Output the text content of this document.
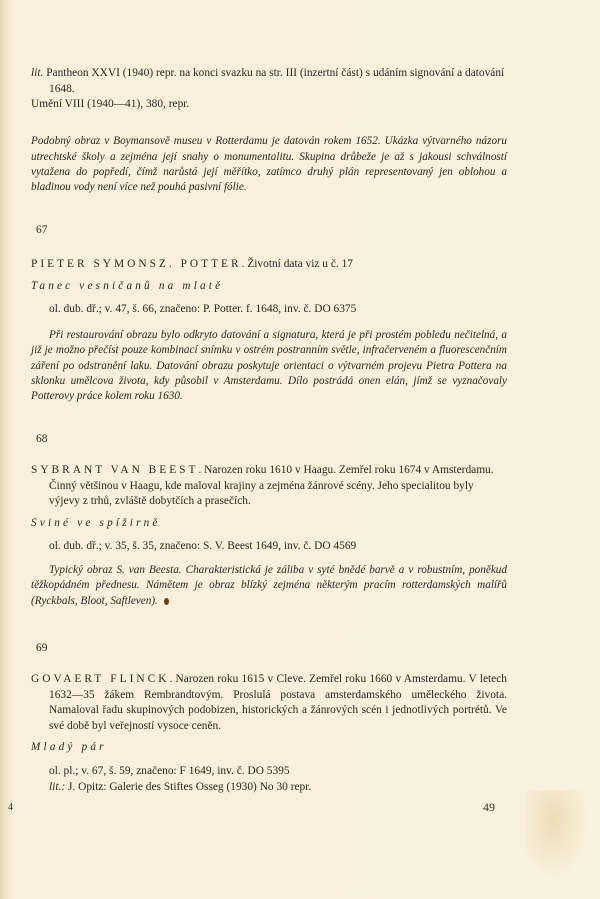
lit. Pantheon XXVI (1940) repr. na konci svazku na str. III (inzertní část) s udáním signování a datování 1648.

Umění VIII (1940—41), 380, repr.

Podobný obraz v Boymansově museu v Rotterdamu je datován rokem 1652. Ukázka výtvarného názoru utrechtské školy a zejména její snahy o monumentalitu. Skupina drůbeže je až s jakousi schválností vytažena do popředí, čímž narůstá její měřítko, zatímco druhý plán representovaný jen oblohou a bladinou vody není více než pouhá pasivní fólie.

67

PIETER SYMONSZ. POTTER. Životní data viz u č. 17

Tanec vesničanů na mlatě

ol. dub. dř.; v. 47, š. 66, značeno: P. Potter. f. 1648, inv. č. DO 6375

Při restaurování obrazu bylo odkryto datování a signatura, která je při prostém pobledu nečitelná, a již je možno přečíst pouze kombinací snímku v ostrém postranním světle, infračerveném a fluorescenčním záření po odstranění laku. Datování obrazu poskytuje orientaci o výtvarném projevu Pietra Pottera na sklonku umělcova života, kdy působil v Amsterdamu. Dílo postrádá onen elán, jímž se vyznačovaly Potterovy práce kolem roku 1630.

68

SYBRANT VAN BEEST. Narozen roku 1610 v Haagu. Zemřel roku 1674 v Amsterdamu. Činný většinou v Haagu, kde maloval krajiny a zejména žánrové scény. Jeho specialitou byly výjevy z trhů, zvláště dobytčích a prasečích.

Sviné ve spížirně

ol. dub. dř.; v. 35, š. 35, značeno: S. V. Beest 1649, inv. č. DO 4569

Typický obraz S. van Beesta. Charakteristická je záliba v syté bnědé barvě a v robustním, poněkud těžkopádném přednesu. Námětem je obraz blízký zejména některým pracím rotterdamských malířů (Ryckbals, Bloot, Saftleven).

69

GOVAERT FLINCK. Narozen roku 1615 v Cleve. Zemřel roku 1660 v Amsterdamu. V letech 1632—35 žákem Rembrandtovým. Proslulá postava amsterdamského uměleckého života. Namaloval řadu skupinových podobizen, historických a žánrových scén i jednotlivých portrétů. Ve své době byl veřejností vysoce ceněn.

Mladý pár

ol. pl.; v. 67, š. 59, značeno: F 1649, inv. č. DO 5395

lit.: J. Opitz: Galerie des Stiftes Osseg (1930) No 30 repr.

4	49
